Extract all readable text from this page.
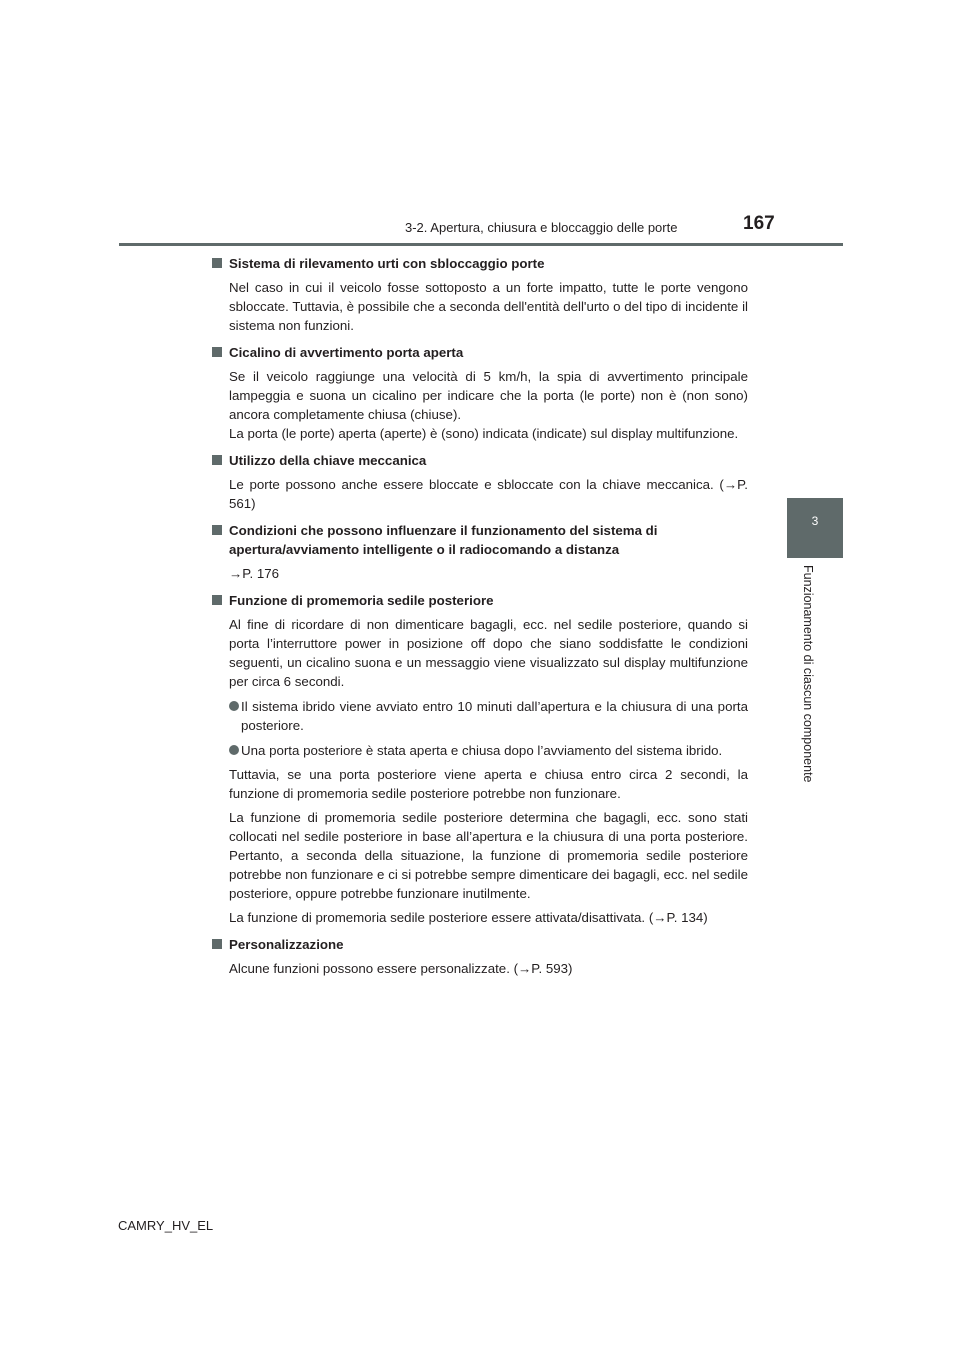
3-2. Apertura, chiusura e bloccaggio delle porte	167
3
Funzionamento di ciascun componente
Sistema di rilevamento urti con sbloccaggio porte
Nel caso in cui il veicolo fosse sottoposto a un forte impatto, tutte le porte vengono sbloccate. Tuttavia, è possibile che a seconda dell'entità dell'urto o del tipo di incidente il sistema non funzioni.
Cicalino di avvertimento porta aperta
Se il veicolo raggiunge una velocità di 5 km/h, la spia di avvertimento principale lampeggia e suona un cicalino per indicare che la porta (le porte) non è (non sono) ancora completamente chiusa (chiuse).
La porta (le porte) aperta (aperte) è (sono) indicata (indicate) sul display multifunzione.
Utilizzo della chiave meccanica
Le porte possono anche essere bloccate e sbloccate con la chiave meccanica. (→P. 561)
Condizioni che possono influenzare il funzionamento del sistema di apertura/avviamento intelligente o il radiocomando a distanza
→P. 176
Funzione di promemoria sedile posteriore
Al fine di ricordare di non dimenticare bagagli, ecc. nel sedile posteriore, quando si porta l’interruttore power in posizione off dopo che siano soddisfatte le condizioni seguenti, un cicalino suona e un messaggio viene visualizzato sul display multifunzione per circa 6 secondi.
Il sistema ibrido viene avviato entro 10 minuti dall’apertura e la chiusura di una porta posteriore.
Una porta posteriore è stata aperta e chiusa dopo l’avviamento del sistema ibrido.
Tuttavia, se una porta posteriore viene aperta e chiusa entro circa 2 secondi, la funzione di promemoria sedile posteriore potrebbe non funzionare.
La funzione di promemoria sedile posteriore determina che bagagli, ecc. sono stati collocati nel sedile posteriore in base all’apertura e la chiusura di una porta posteriore. Pertanto, a seconda della situazione, la funzione di promemoria sedile posteriore potrebbe non funzionare e ci si potrebbe sempre dimenticare dei bagagli, ecc. nel sedile posteriore, oppure potrebbe funzionare inutilmente.
La funzione di promemoria sedile posteriore essere attivata/disattivata. (→P. 134)
Personalizzazione
Alcune funzioni possono essere personalizzate. (→P. 593)
CAMRY_HV_EL
